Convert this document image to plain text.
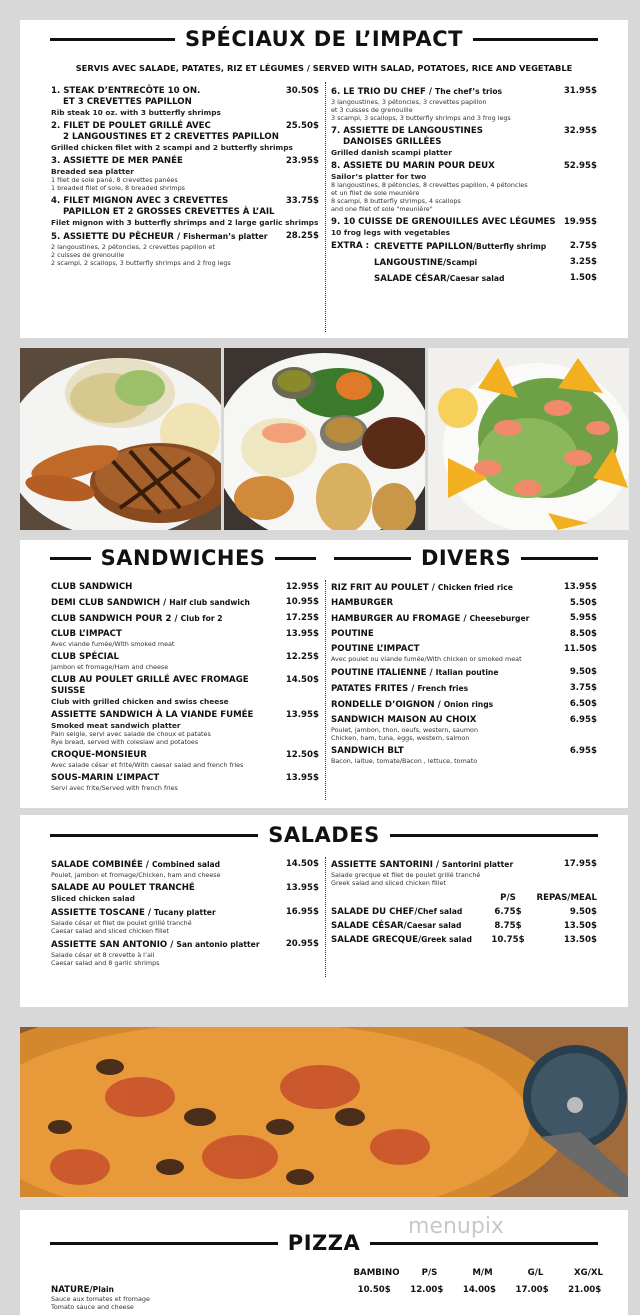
SPÉCIAUX DE L’IMPACT
SERVIS AVEC SALADE, PATATES, RIZ ET LÉGUMES / SERVED WITH SALAD, POTATOES, RICE AND VEGETABLE
1. STEAK D’ENTRECÔTE 10 ON.	30.50$
ET 3 CREVETTES PAPILLON
Rib steak 10 oz. with 3 butterfly shrimps
2. FILET DE POULET GRILLÉ AVEC	25.50$
2 LANGOUSTINES ET 2 CREVETTES PAPILLON
Grilled chicken filet with 2 scampi and 2 butterfly shrimps
3. ASSIETTE DE MER PANÉE	23.95$
Breaded sea platter
1 filet de sole pané, 8 crevettes panées
1 breaded filet of sole, 8 breaded shrimps
4. FILET MIGNON AVEC 3 CREVETTES	33.75$
PAPILLON ET 2 GROSSES CREVETTES À L’AIL
Filet mignon with 3 butterfly shrimps and 2 large garlic shrimps
5. ASSIETTE DU PÊCHEUR / Fisherman’s platter	28.25$
2 langoustines, 2 pétoncles, 2 crevettes papillon et
2 cuisses de grenouille
2 scampi, 2 scallops, 3 butterfly shrimps and 2 frog legs
6. LE TRIO DU CHEF / The chef’s trios	31.95$
3 langoustines, 3 pétoncles, 3 crevettes papillon
et 3 cuisses de grenouille
3 scampi, 3 scallops, 3 butterfly shrimps and 3 frog legs
7. ASSIETTE DE LANGOUSTINES	32.95$
DANOISES GRILLÉES
Grilled danish scampi platter
8. ASSIETE DU MARIN POUR DEUX	52.95$
Sailor’s platter for two
8 langoustines, 8 pétoncles, 8 crevettes papillon, 4 pétoncles
et un filet de sole meunière
8 scampi, 8 butterfly shrimps, 4 scallops
and one filet of sole "meunière"
9. 10 CUISSE DE GRENOUILLES AVEC LÉGUMES 19.95$
10 frog legs with vegetables
EXTRA : CREVETTE PAPILLON/Butterfly shrimp	2.75$
LANGOUSTINE/Scampi	3.25$
SALADE CÉSAR/Caesar salad	1.50$
SANDWICHES	DIVERS
CLUB SANDWICH	12.95$
DEMI CLUB SANDWICH / Half club sandwich	10.95$
CLUB SANDWICH POUR 2 / Club for 2	17.25$
CLUB L’IMPACT	13.95$
Avec viande fumée/With smoked meat
CLUB SPÉCIAL	12.25$
Jambon et fromage/Ham and cheese
CLUB AU POULET GRILLÉ AVEC FROMAGE SUISSE
14.50$
Club with grilled chicken and swiss cheese
ASSIETTE SANDWICH À LA VIANDE FUMÉE	13.95$
Smoked meat sandwich platter
Pain seigle, servi avec salade de choux et patates
Rye bread, served with coleslaw and potatoes
CROQUE-MONSIEUR	12.50$
Avec salade césar et frite/With caesar salad and french fries
SOUS-MARIN L’IMPACT	13.95$
Servi avec frite/Served with french fries
RIZ FRIT AU POULET / Chicken fried rice	13.95$
HAMBURGER	5.50$
HAMBURGER AU FROMAGE / Cheeseburger	5.95$
POUTINE	8.50$
POUTINE L’IMPACT	11.50$
Avec poulet ou viande fumée/With chicken or smoked meat
POUTINE ITALIENNE / Italian poutine	9.50$
PATATES FRITES / French fries	3.75$
RONDELLE D’OIGNON / Onion rings	6.50$
SANDWICH MAISON AU CHOIX	6.95$
Poulet, jambon, thon, oeufs, western, saumon
Chicken, ham, tuna, eggs, western, salmon
SANDWICH BLT	6.95$
Bacon, laitue, tomate/Bacon , lettuce, tomato
SALADES
SALADE COMBINÉE / Combined salad	14.50$
Poulet, jambon et fromage/Chicken, ham and cheese
SALADE AU POULET TRANCHÉ	13.95$
Sliced chicken salad
ASSIETTE TOSCANE / Tucany platter	16.95$
Salade césar et filet de poulet grillé tranché
Caesar salad and sliced chicken fillet
ASSIETTE SAN ANTONIO / San antonio platter	20.95$
Salade césar et 8 crevette à l’ail
Caesar salad and 8 garlic shrimps
ASSIETTE SANTORINI / Santorini platter	17.95$
Salade grecque et filet de poulet grillé tranché
Greek salad and sliced chicken fillet
P/S	REPAS/MEAL
SALADE DU CHEF/Chef salad	6.75$	9.50$
SALADE CÉSAR/Caesar salad	8.75$	13.50$
SALADE GRECQUE/Greek salad	10.75$	13.50$
PIZZA
menupix
BAMBINO	P/S	M/M	G/L	XG/XL
NATURE/Plain	10.50$	12.00$	14.00$	17.00$	21.00$
Sauce aux tomates et fromage
Tomato sauce and cheese
